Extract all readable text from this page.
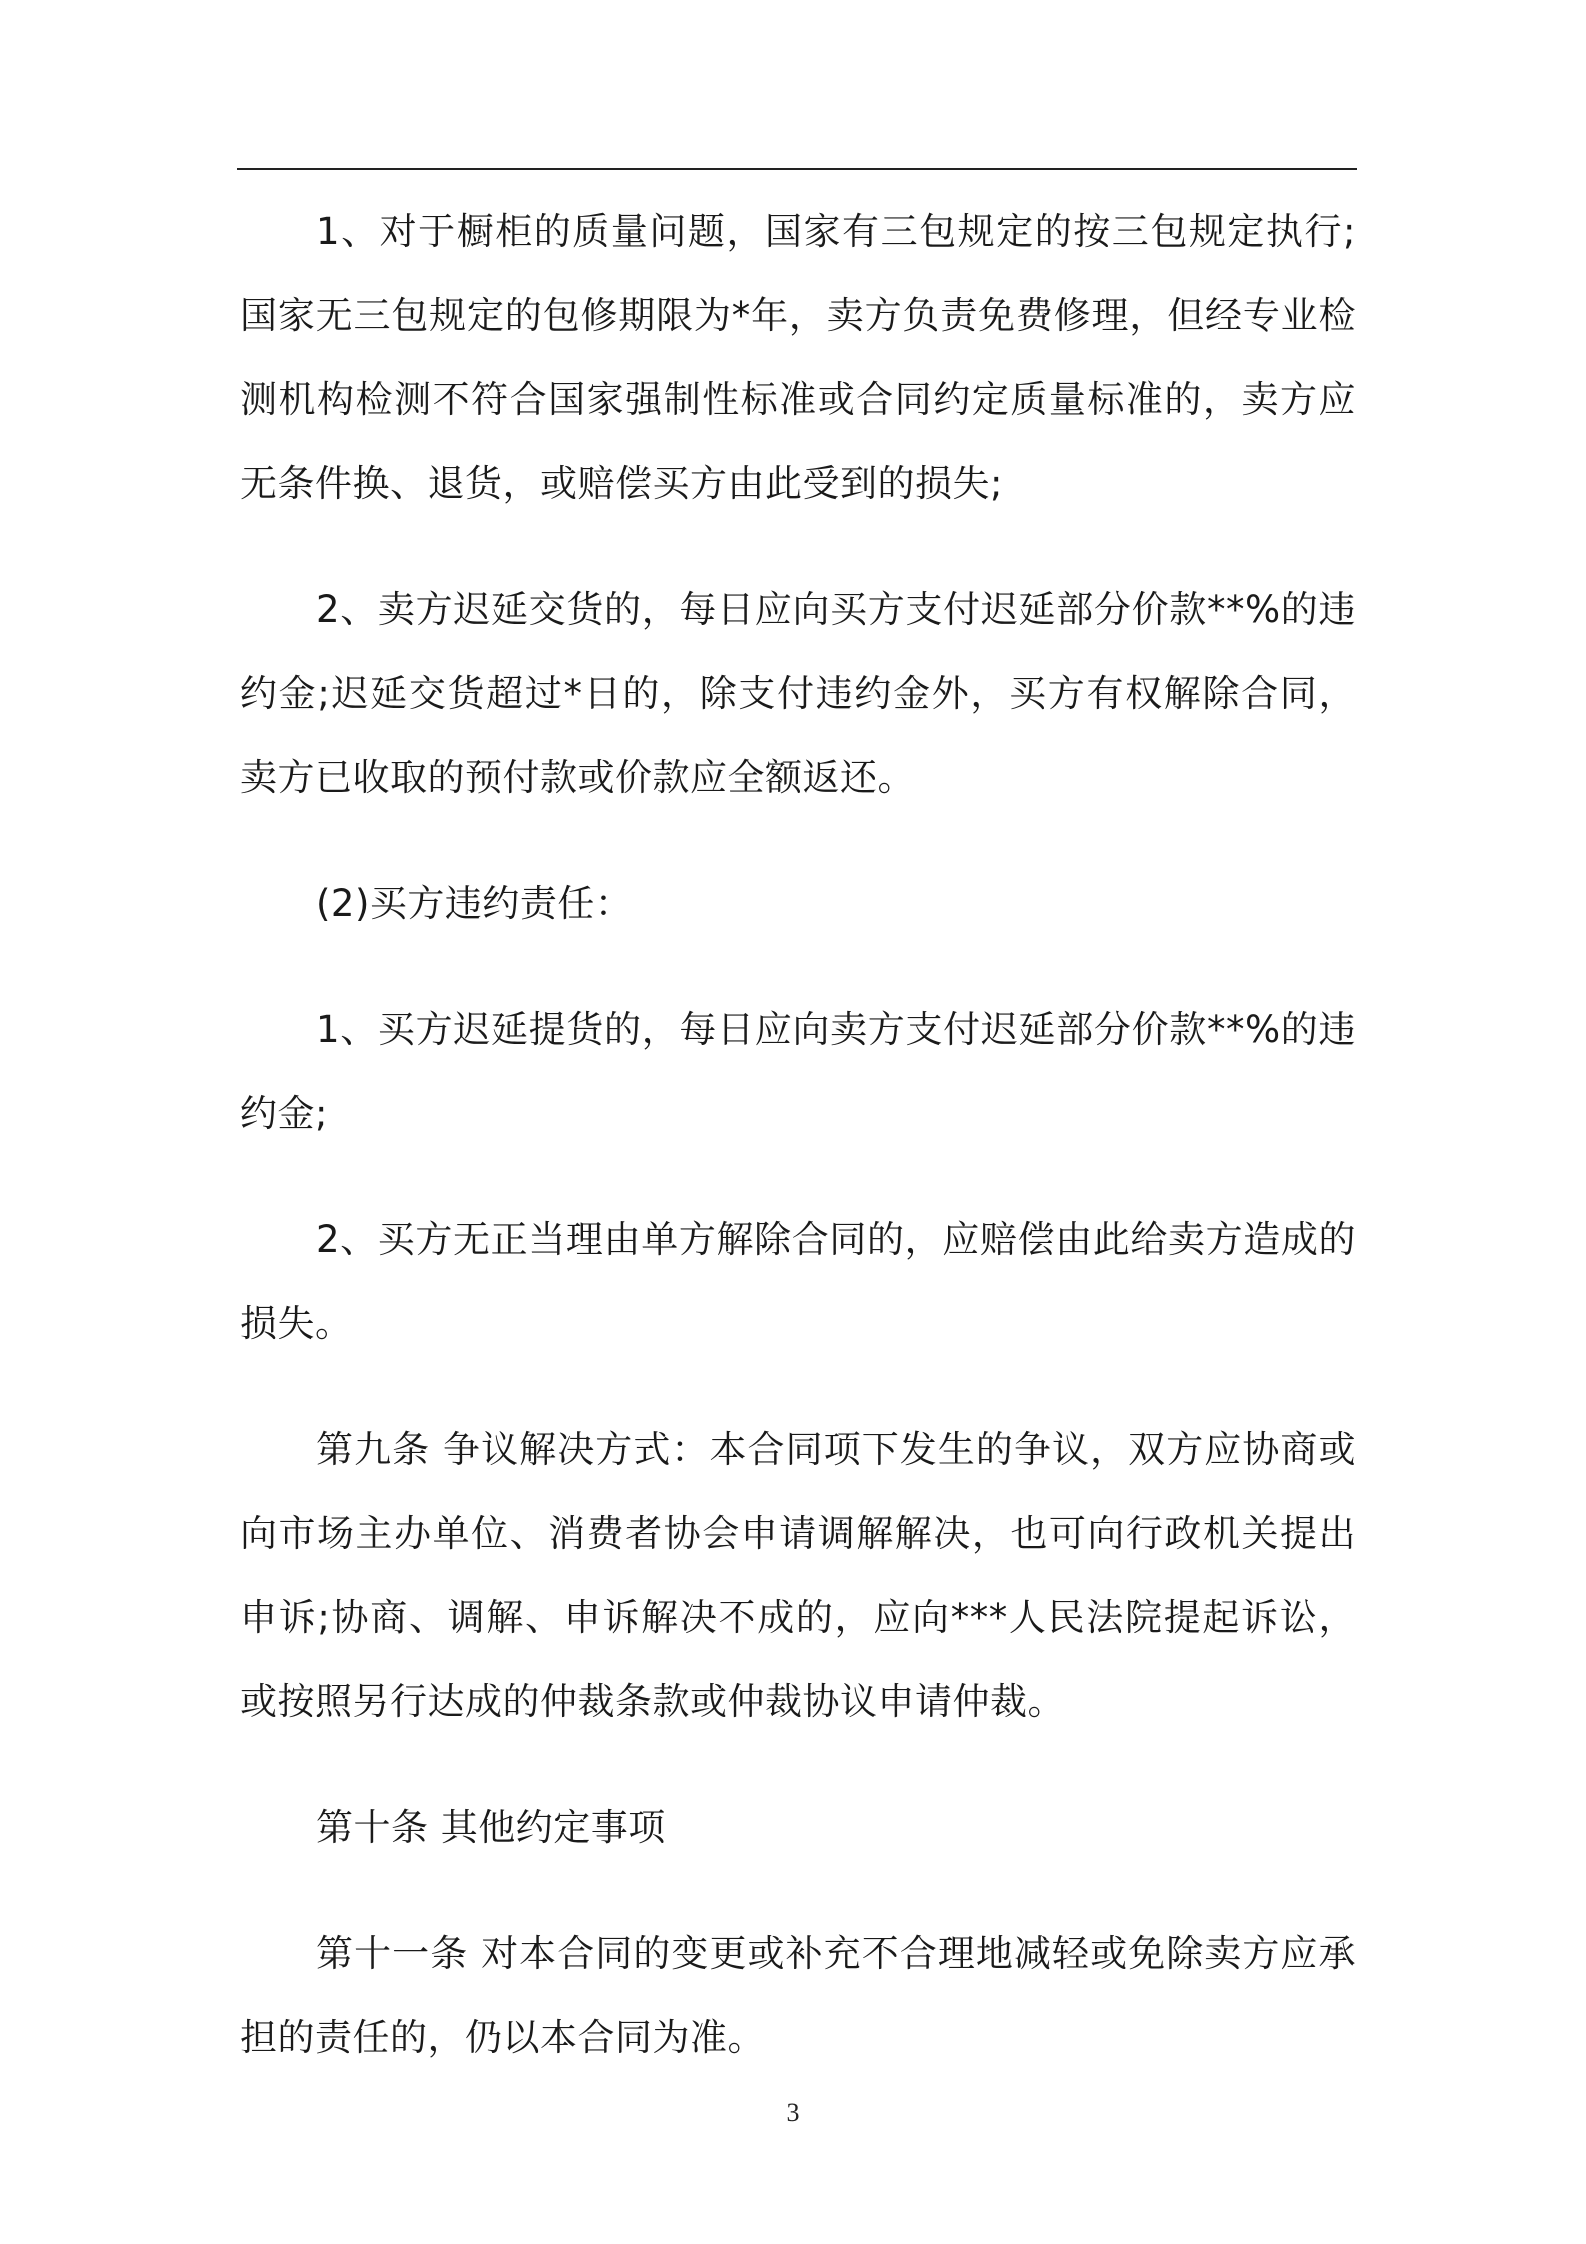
1、对于橱柜的质量问题，国家有三包规定的按三包规定执行;国家无三包规定的包修期限为*年，卖方负责免费修理，但经专业检测机构检测不符合国家强制性标准或合同约定质量标准的，卖方应无条件换、退货，或赔偿买方由此受到的损失;

2、卖方迟延交货的，每日应向买方支付迟延部分价款**%的违约金;迟延交货超过*日的，除支付违约金外，买方有权解除合同，卖方已收取的预付款或价款应全额返还。

(2)买方违约责任：

1、买方迟延提货的，每日应向卖方支付迟延部分价款**%的违约金;

2、买方无正当理由单方解除合同的，应赔偿由此给卖方造成的损失。

第九条 争议解决方式：本合同项下发生的争议，双方应协商或向市场主办单位、消费者协会申请调解解决，也可向行政机关提出申诉;协商、调解、申诉解决不成的，应向***人民法院提起诉讼，或按照另行达成的仲裁条款或仲裁协议申请仲裁。

第十条 其他约定事项

第十一条 对本合同的变更或补充不合理地减轻或免除卖方应承担的责任的，仍以本合同为准。

3
